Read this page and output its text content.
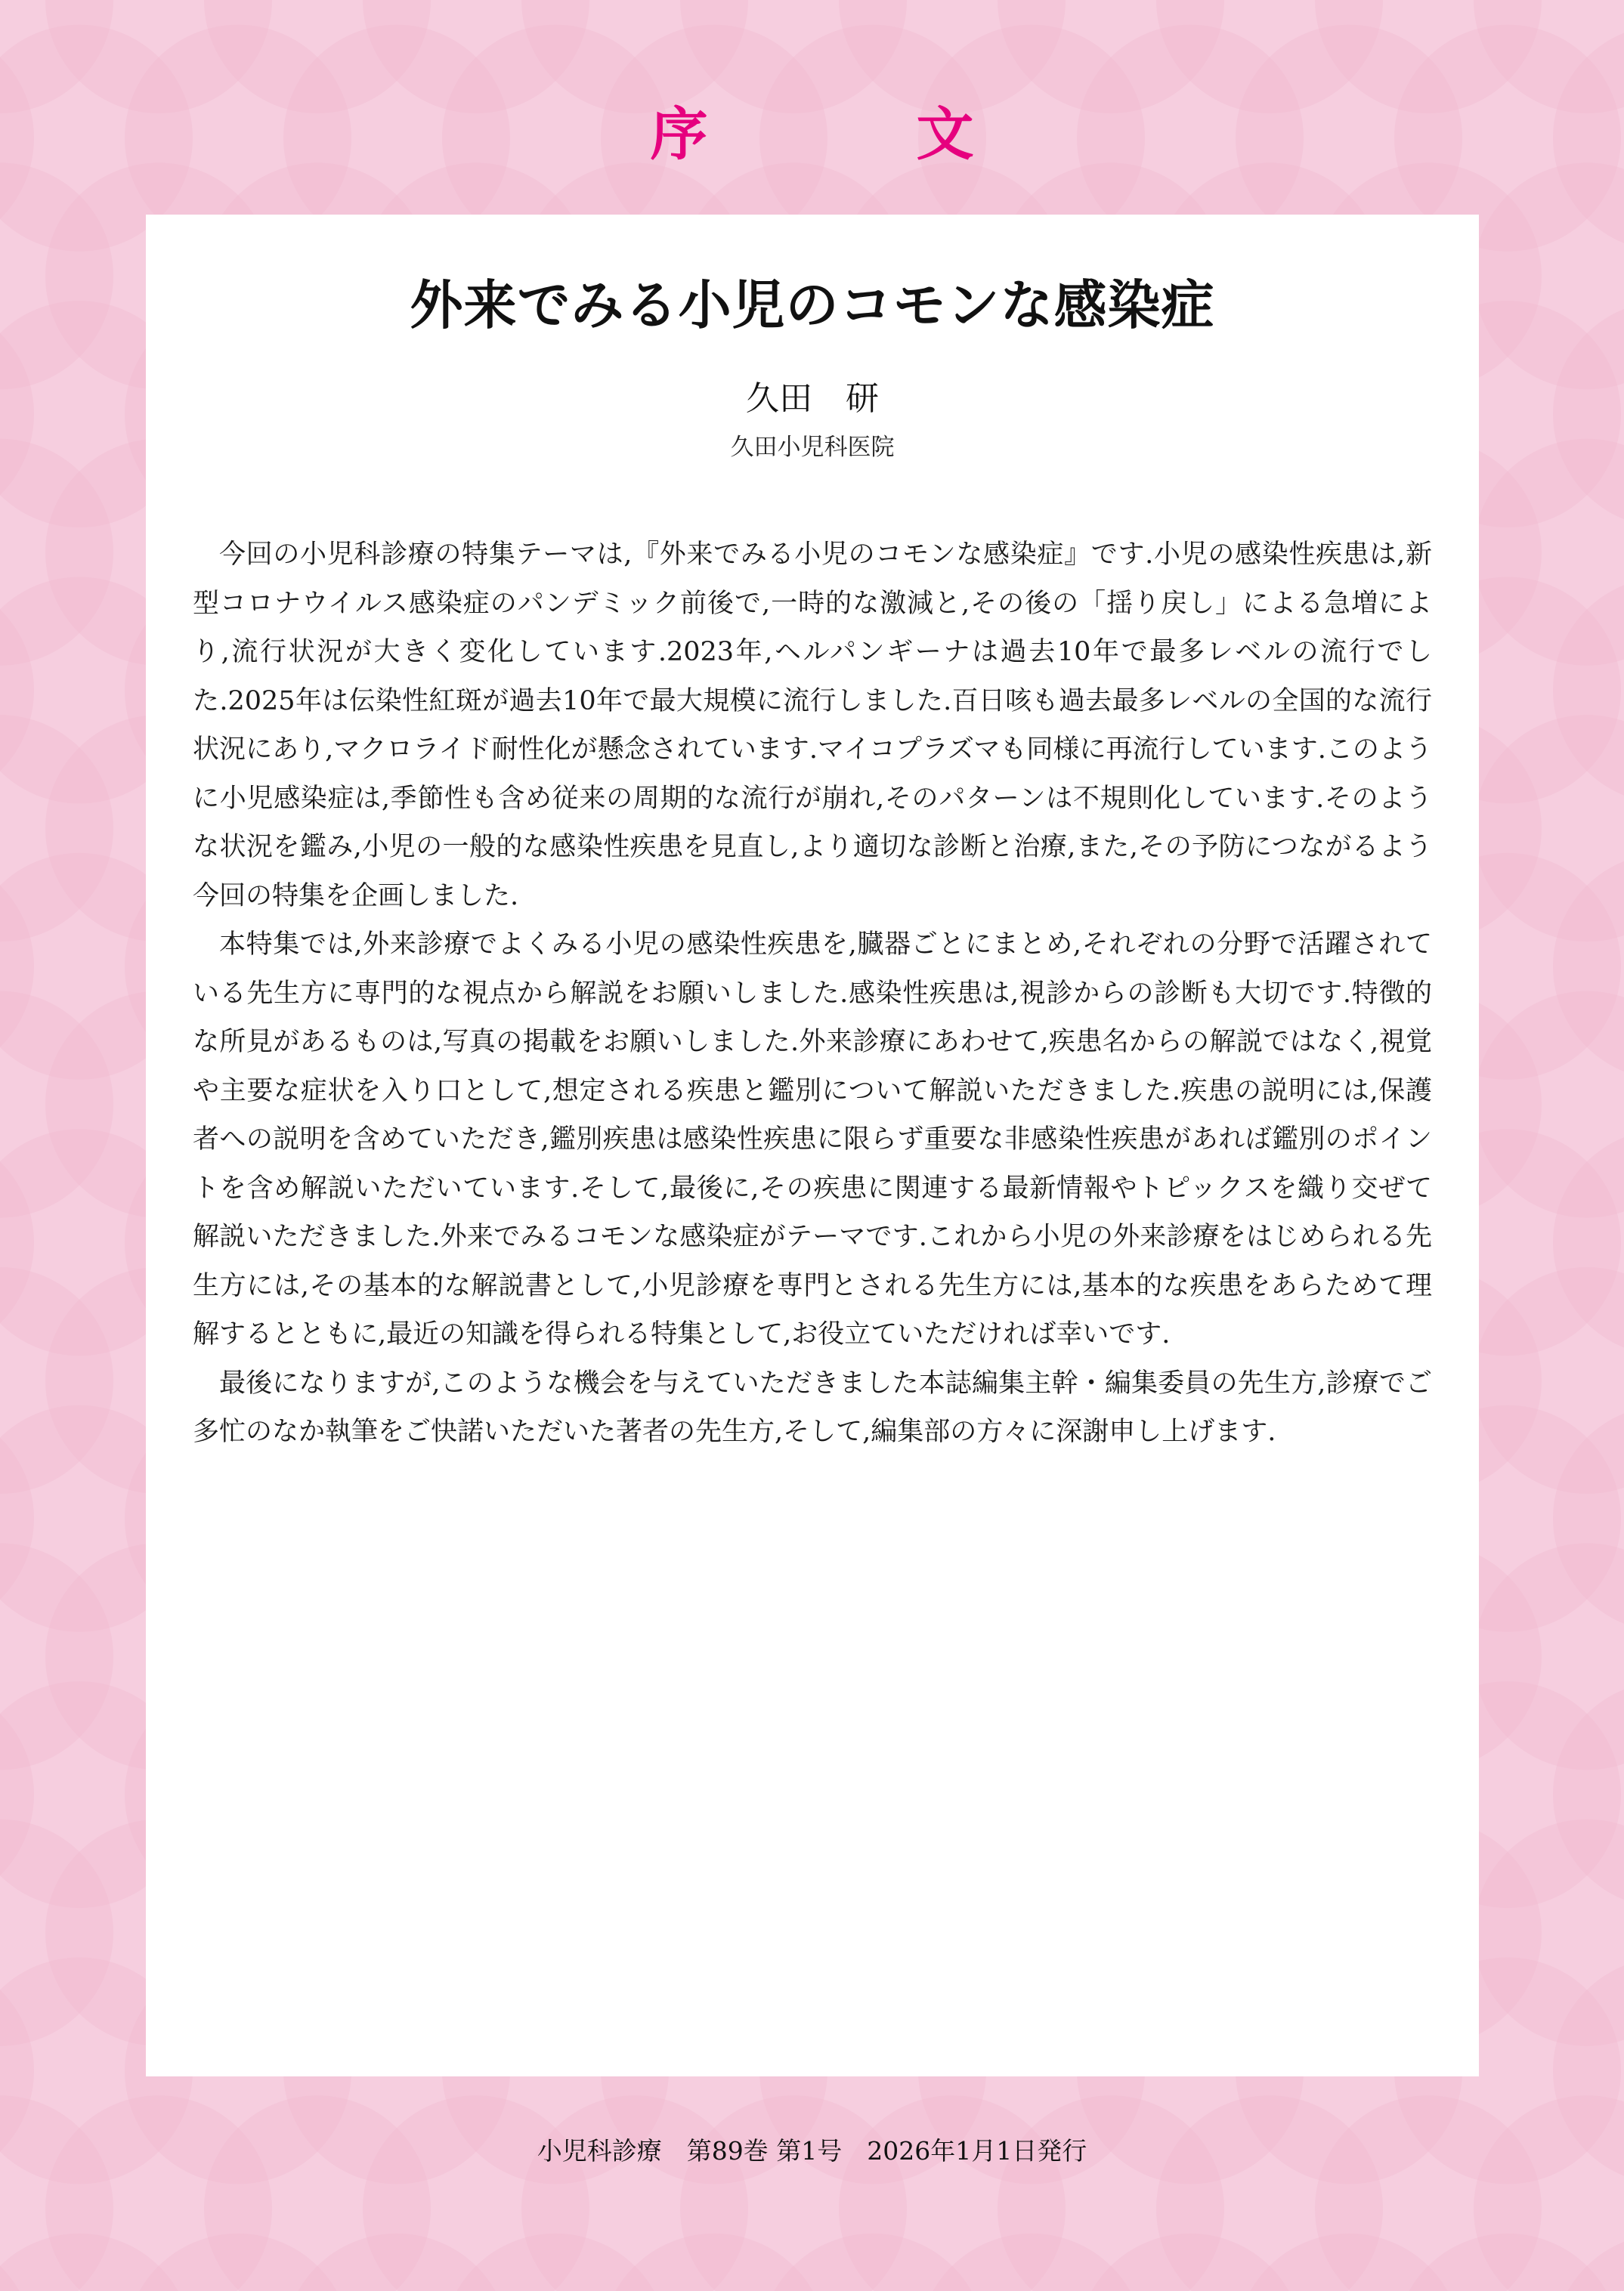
序　文
外来でみる小児のコモンな感染症
久田　研
久田小児科医院

今回の小児科診療の特集テーマは,『外来でみる小児のコモンな感染症』です.小児の感染性疾患は,新型コロナウイルス感染症のパンデミック前後で,一時的な激減と,その後の「揺り戻し」による急増により,流行状況が大きく変化しています.2023年,ヘルパンギーナは過去10年で最多レベルの流行でした.2025年は伝染性紅斑が過去10年で最大規模に流行しました.百日咳も過去最多レベルの全国的な流行状況にあり,マクロライド耐性化が懸念されています.マイコプラズマも同様に再流行しています.このように小児感染症は,季節性も含め従来の周期的な流行が崩れ,そのパターンは不規則化しています.そのような状況を鑑み,小児の一般的な感染性疾患を見直し,より適切な診断と治療,また,その予防につながるよう今回の特集を企画しました.

本特集では,外来診療でよくみる小児の感染性疾患を,臓器ごとにまとめ,それぞれの分野で活躍されている先生方に専門的な視点から解説をお願いしました.感染性疾患は,視診からの診断も大切です.特徴的な所見があるものは,写真の掲載をお願いしました.外来診療にあわせて,疾患名からの解説ではなく,視覚や主要な症状を入り口として,想定される疾患と鑑別について解説いただきました.疾患の説明には,保護者への説明を含めていただき,鑑別疾患は感染性疾患に限らず重要な非感染性疾患があれば鑑別のポイントを含め解説いただいています.そして,最後に,その疾患に関連する最新情報やトピックスを織り交ぜて解説いただきました.外来でみるコモンな感染症がテーマです.これから小児の外来診療をはじめられる先生方には,その基本的な解説書として,小児診療を専門とされる先生方には,基本的な疾患をあらためて理解するとともに,最近の知識を得られる特集として,お役立ていただければ幸いです.

最後になりますが,このような機会を与えていただきました本誌編集主幹・編集委員の先生方,診療でご多忙のなか執筆をご快諾いただいた著者の先生方,そして,編集部の方々に深謝申し上げます.

小児科診療　第89巻 第1号　2026年1月1日発行
